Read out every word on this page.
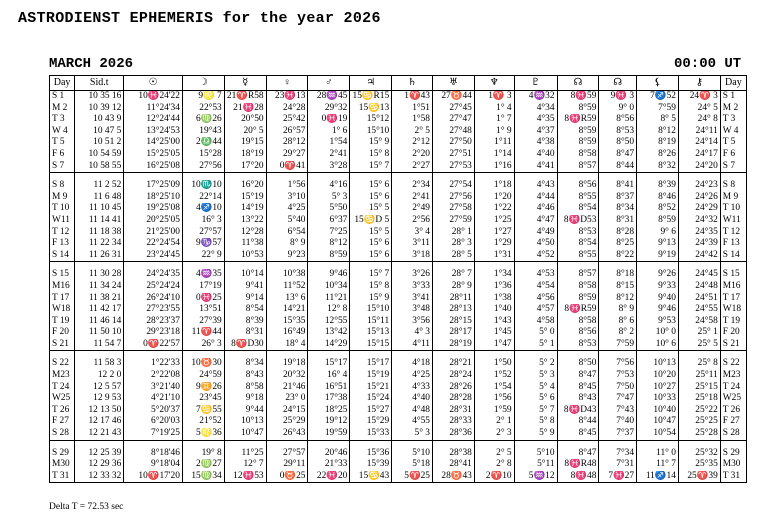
ASTRODIENST EPHEMERIS for the year 2026
MARCH 2026	00:00 UT
Day	Sid.t	☉	☽	☿	♀	♂	♃	♄	♅	♆	♇	☊	☊	⚸	⚷	Day
S 1	10 35 16	10♓24'22	9♌ 7	21♈R58	23♓13	28♒45	15♋R15	1♈43	27♉44	1♈ 3	4♒32	8♓59	9♓ 3	7♐52	24♈ 3	S 1
M 2	10 39 12	11°24'34	22°53	21♓28	24°28	29°32	15♋13	1°51	27°45	1° 4	4°34	8°59	9° 0	7°59	24° 5	M 2
T 3	10 43 9	12°24'44	6♍26	20°50	25°42	0♓19	15°12	1°58	27°47	1° 7	4°35	8♓R59	8°56	8° 5	24° 8	T 3
W 4	10 47 5	13°24'53	19°43	20° 5	26°57	1° 6	15°10	2° 5	27°48	1° 9	4°37	8°59	8°53	8°12	24°11	W 4
T 5	10 51 2	14°25'00	2♎44	19°15	28°12	1°54	15° 9	2°12	27°50	1°11	4°38	8°59	8°50	8°19	24°14	T 5
F 6	10 54 59	15°25'05	15°28	18°19	29°27	2°41	15° 8	2°20	27°51	1°14	4°40	8°58	8°47	8°26	24°17	F 6
S 7	10 58 55	16°25'08	27°56	17°20	0♈41	3°28	15° 7	2°27	27°53	1°16	4°41	8°57	8°44	8°32	24°20	S 7

S 8	11 2 52	17°25'09	10♏10	16°20	1°56	4°16	15° 6	2°34	27°54	1°18	4°43	8°56	8°41	8°39	24°23	S 8
M 9	11 6 48	18°25'10	22°14	15°19	3°10	5° 3	15° 6	2°41	27°56	1°20	4°44	8°55	8°37	8°46	24°26	M 9
T 10	11 10 45	19°25'08	4♐10	14°19	4°25	5°50	15° 5	2°49	27°58	1°22	4°46	8°54	8°34	8°52	24°29	T 10
W11	11 14 41	20°25'05	16° 3	13°22	5°40	6°37	15♋D 5	2°56	27°59	1°25	4°47	8♓D53	8°31	8°59	24°32	W11
T 12	11 18 38	21°25'00	27°57	12°28	6°54	7°25	15° 5	3° 4	28° 1	1°27	4°49	8°53	8°28	9° 6	24°35	T 12
F 13	11 22 34	22°24'54	9♑57	11°38	8° 9	8°12	15° 6	3°11	28° 3	1°29	4°50	8°54	8°25	9°13	24°39	F 13
S 14	11 26 31	23°24'45	22° 9	10°53	9°23	8°59	15° 6	3°18	28° 5	1°31	4°52	8°55	8°22	9°19	24°42	S 14

S 15	11 30 28	24°24'35	4♒35	10°14	10°38	9°46	15° 7	3°26	28° 7	1°34	4°53	8°57	8°18	9°26	24°45	S 15
M16	11 34 24	25°24'24	17°19	9°41	11°52	10°34	15° 8	3°33	28° 9	1°36	4°54	8°58	8°15	9°33	24°48	M16
T 17	11 38 21	26°24'10	0♓25	9°14	13° 6	11°21	15° 9	3°41	28°11	1°38	4°56	8°59	8°12	9°40	24°51	T 17
W18	11 42 17	27°23'55	13°51	8°54	14°21	12° 8	15°10	3°48	28°13	1°40	4°57	8♓R59	8° 9	9°46	24°55	W18
T 19	11 46 14	28°23'37	27°39	8°39	15°35	12°55	15°11	3°56	28°15	1°43	4°58	8°58	8° 6	9°53	24°58	T 19
F 20	11 50 10	29°23'18	11♈44	8°31	16°49	13°42	15°13	4° 3	28°17	1°45	5° 0	8°56	8° 2	10° 0	25° 1	F 20
S 21	11 54 7	0♈22'57	26° 3	8♈D30	18° 4	14°29	15°15	4°11	28°19	1°47	5° 1	8°53	7°59	10° 6	25° 5	S 21

S 22	11 58 3	1°22'33	10♉30	8°34	19°18	15°17	15°17	4°18	28°21	1°50	5° 2	8°50	7°56	10°13	25° 8	S 22
M23	12 2 0	2°22'08	24°59	8°43	20°32	16° 4	15°19	4°25	28°24	1°52	5° 3	8°47	7°53	10°20	25°11	M23
T 24	12 5 57	3°21'40	9♊26	8°58	21°46	16°51	15°21	4°33	28°26	1°54	5° 4	8°45	7°50	10°27	25°15	T 24
W25	12 9 53	4°21'10	23°45	9°18	23° 0	17°38	15°24	4°40	28°28	1°56	5° 6	8°43	7°47	10°33	25°18	W25
T 26	12 13 50	5°20'37	7♋55	9°44	24°15	18°25	15°27	4°48	28°31	1°59	5° 7	8♓D43	7°43	10°40	25°22	T 26
F 27	12 17 46	6°20'03	21°52	10°13	25°29	19°12	15°29	4°55	28°33	2° 1	5° 8	8°44	7°40	10°47	25°25	F 27
S 28	12 21 43	7°19'25	5♌36	10°47	26°43	19°59	15°33	5° 3	28°36	2° 3	5° 9	8°45	7°37	10°54	25°28	S 28

S 29	12 25 39	8°18'46	19° 8	11°25	27°57	20°46	15°36	5°10	28°38	2° 5	5°10	8°47	7°34	11° 0	25°32	S 29
M30	12 29 36	9°18'04	2♍27	12° 7	29°11	21°33	15°39	5°18	28°41	2° 8	5°11	8♓R48	7°31	11° 7	25°35	M30
T 31	12 33 32	10♈17'20	15♍34	12♓53	0♉25	22♓20	15♋43	5♈25	28♉43	2♈10	5♒12	8♓48	7♓27	11♐14	25♈39	T 31
Delta T = 72.53 sec
